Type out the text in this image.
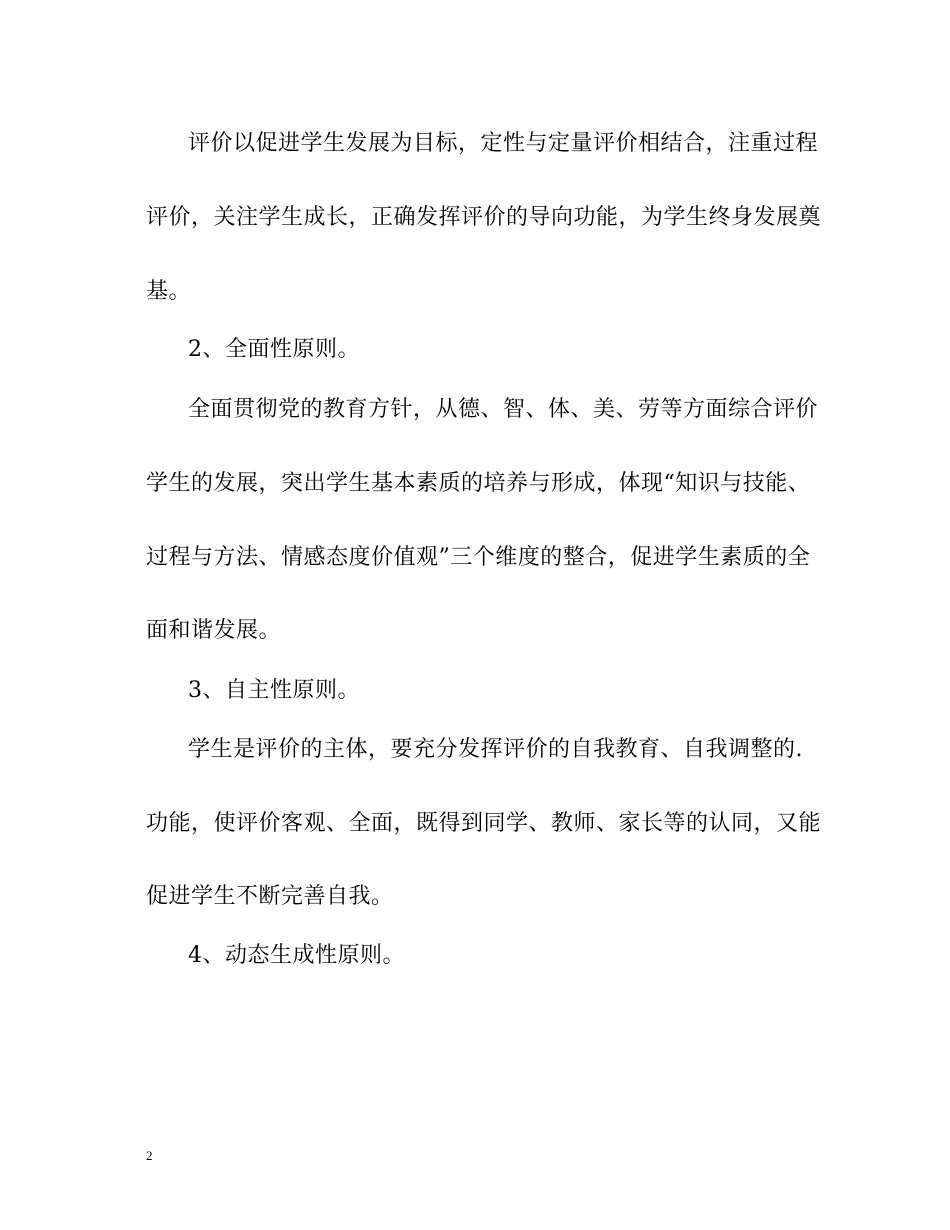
评价以促进学生发展为目标，定性与定量评价相结合，注重过程
评价，关注学生成长，正确发挥评价的导向功能，为学生终身发展奠
基。
2、全面性原则。
全面贯彻党的教育方针，从德、智、体、美、劳等方面综合评价
学生的发展，突出学生基本素质的培养与形成，体现“知识与技能、
过程与方法、情感态度价值观”三个维度的整合，促进学生素质的全
面和谐发展。
3、自主性原则。
学生是评价的主体，要充分发挥评价的自我教育、自我调整的.
功能，使评价客观、全面，既得到同学、教师、家长等的认同，又能
促进学生不断完善自我。
4、动态生成性原则。
2
